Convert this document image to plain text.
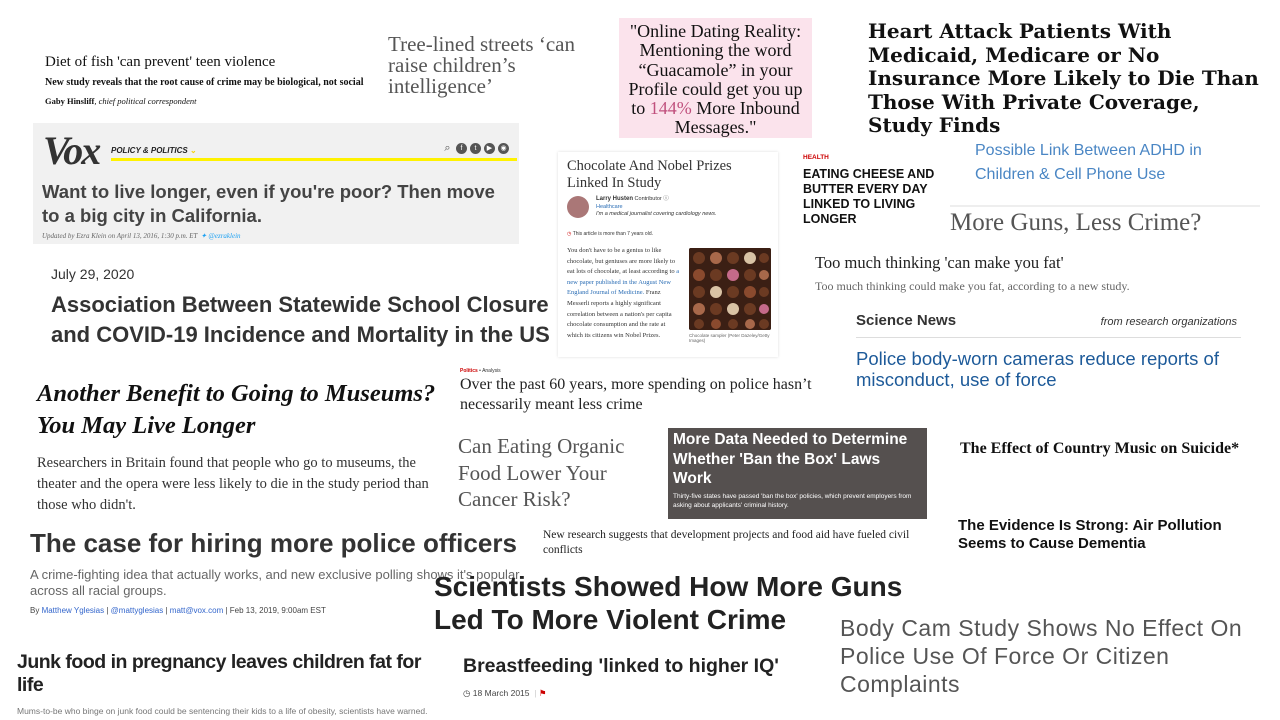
Diet of fish 'can prevent' teen violence
New study reveals that the root cause of crime may be biological, not social
Gaby Hinsliff, chief political correspondent
Tree-lined streets ‘can raise children’s intelligence’
"Online Dating Reality: Mentioning the word “Guacamole” in your Profile could get you up to 144% More Inbound Messages."
Heart Attack Patients With Medicaid, Medicare or No Insurance More Likely to Die Than Those With Private Coverage, Study Finds
Vox POLICY & POLITICS ⌄	⌕	f	t	▶	◉
Want to live longer, even if you're poor? Then move to a big city in California.
Updated by Ezra Klein on April 13, 2016, 1:30 p.m. ET ✦ @ezraklein
Chocolate And Nobel Prizes Linked In Study
Larry Husten Contributor ⓘ
Healthcare
I'm a medical journalist covering cardiology news.
◷ This article is more than 7 years old.
You don't have to be a genius to like chocolate, but geniuses are more likely to eat lots of chocolate, at least according to a new paper published in the August New England Journal of Medicine. Franz Messerli reports a highly significant correlation between a nation's per capita chocolate consumption and the rate at which its citizens win Nobel Prizes.	Chocolate sampler (Peter Dazeley/Getty Images)
HEALTH
EATING CHEESE AND BUTTER EVERY DAY LINKED TO LIVING LONGER
Possible Link Between ADHD in Children & Cell Phone Use
More Guns, Less Crime?
Too much thinking 'can make you fat'
Too much thinking could make you fat, according to a new study.
July 29, 2020
Association Between Statewide School Closure and COVID-19 Incidence and Mortality in the US
Science News	from research organizations
Police body-worn cameras reduce reports of misconduct, use of force
Another Benefit to Going to Museums? You May Live Longer
Researchers in Britain found that people who go to museums, the theater and the opera were less likely to die in the study period than those who didn't.
Politics • Analysis
Over the past 60 years, more spending on police hasn’t necessarily meant less crime
Can Eating Organic Food Lower Your Cancer Risk?
More Data Needed to Determine Whether 'Ban the Box' Laws Work
Thirty-five states have passed 'ban the box' policies, which prevent employers from asking about applicants' criminal history.
The Effect of Country Music on Suicide*
The case for hiring more police officers
A crime-fighting idea that actually works, and new exclusive polling shows it's popular across all racial groups.
By Matthew Yglesias | @mattyglesias | matt@vox.com | Feb 13, 2019, 9:00am EST
The Evidence Is Strong: Air Pollution Seems to Cause Dementia
New research suggests that development projects and food aid have fueled civil conflicts
Scientists Showed How More Guns Led To More Violent Crime	Body Cam Study Shows No Effect On Police Use Of Force Or Citizen Complaints
Junk food in pregnancy leaves children fat for life
Mums-to-be who binge on junk food could be sentencing their kids to a life of obesity, scientists have warned.
Breastfeeding 'linked to higher IQ'
◷ 18 March 2015 | ⚑
